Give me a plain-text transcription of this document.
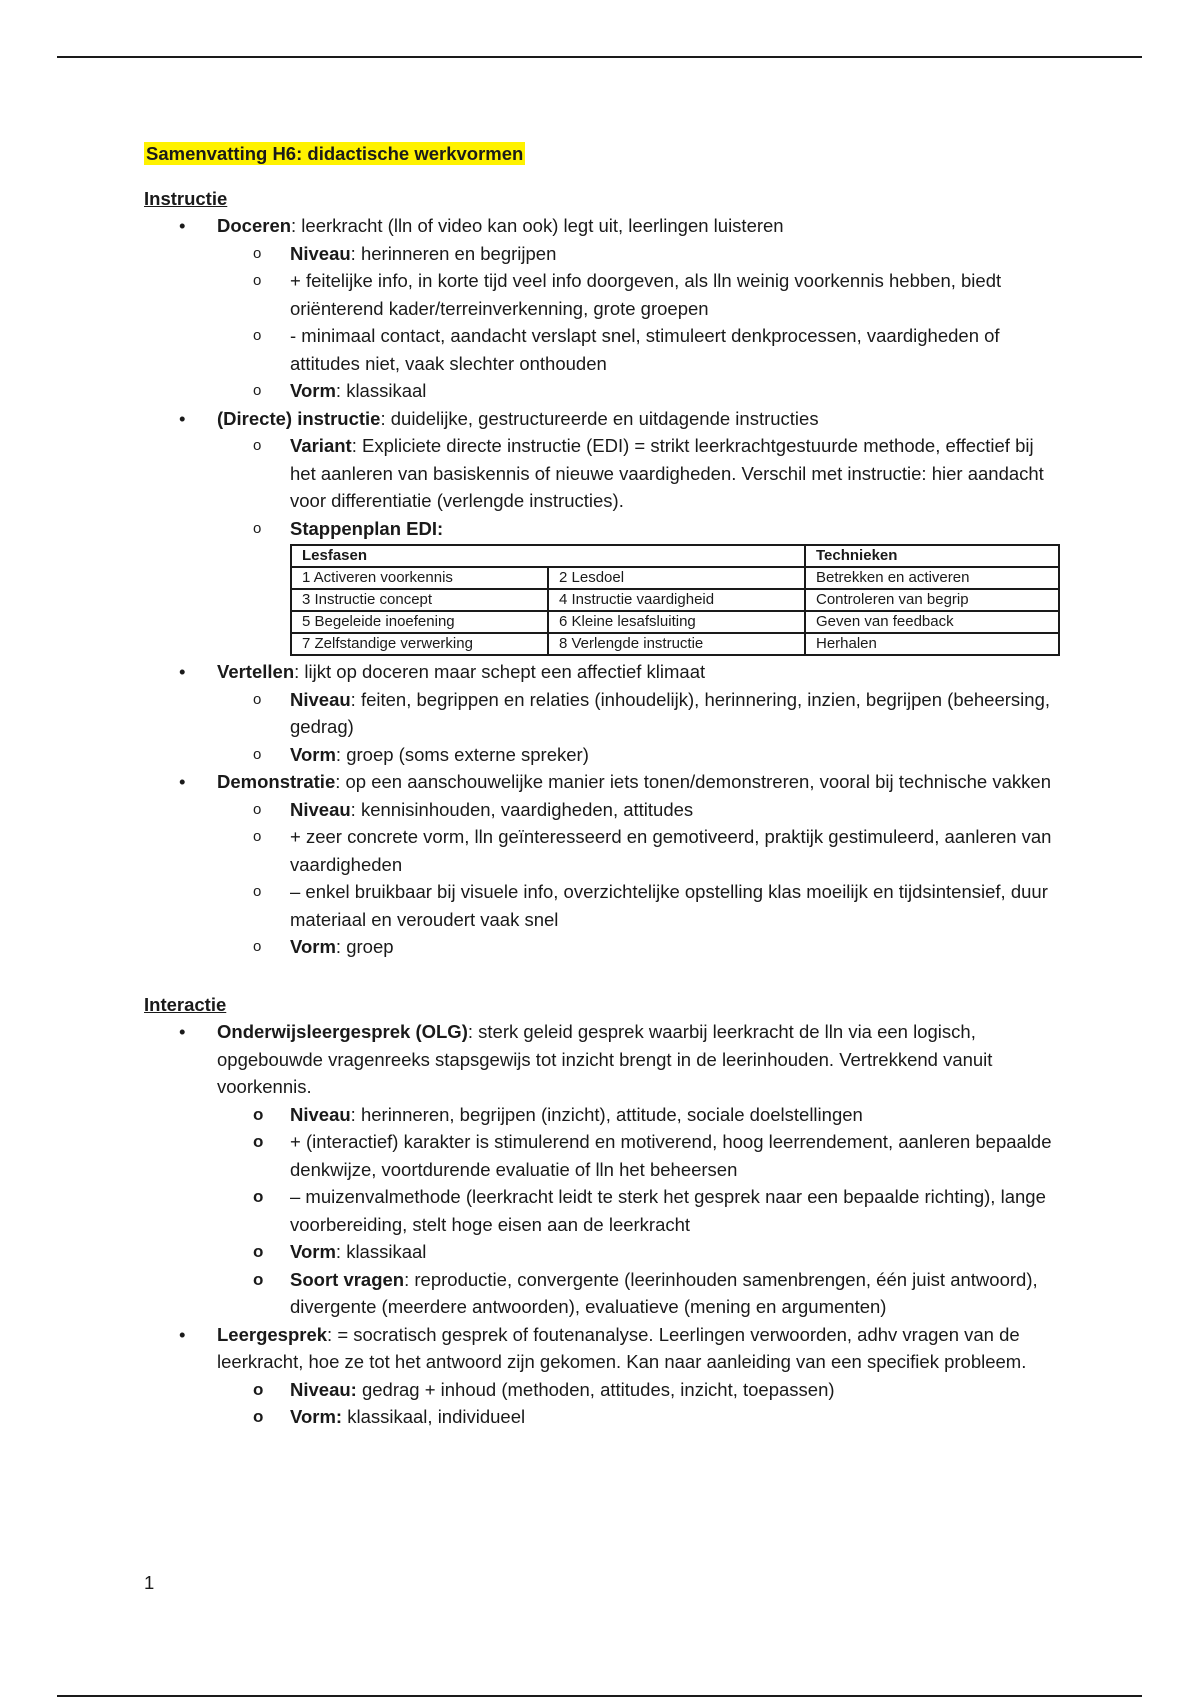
Samenvatting H6: didactische werkvormen

Instructie

• Doceren: leerkracht (lln of video kan ook) legt uit, leerlingen luisteren
o Niveau: herinneren en begrijpen
o + feitelijke info, in korte tijd veel info doorgeven, als lln weinig voorkennis hebben, biedt oriënterend kader/terreinverkenning, grote groepen
o - minimaal contact, aandacht verslapt snel, stimuleert denkprocessen, vaardigheden of attitudes niet, vaak slechter onthouden
o Vorm: klassikaal
• (Directe) instructie: duidelijke, gestructureerde en uitdagende instructies
o Variant: Expliciete directe instructie (EDI) = strikt leerkrachtgestuurde methode, effectief bij het aanleren van basiskennis of nieuwe vaardigheden. Verschil met instructie: hier aandacht voor differentiatie (verlengde instructies).
o Stappenplan EDI:
Lesfasen		Technieken
1 Activeren voorkennis	2 Lesdoel	Betrekken en activeren
3 Instructie concept	4 Instructie vaardigheid	Controleren van begrip
5 Begeleide inoefening	6 Kleine lesafsluiting	Geven van feedback
7 Zelfstandige verwerking	8 Verlengde instructie	Herhalen
• Vertellen: lijkt op doceren maar schept een affectief klimaat
o Niveau: feiten, begrippen en relaties (inhoudelijk), herinnering, inzien, begrijpen (beheersing, gedrag)
o Vorm: groep (soms externe spreker)
• Demonstratie: op een aanschouwelijke manier iets tonen/demonstreren, vooral bij technische vakken
o Niveau: kennisinhouden, vaardigheden, attitudes
o + zeer concrete vorm, lln geïnteresseerd en gemotiveerd, praktijk gestimuleerd, aanleren van vaardigheden
o – enkel bruikbaar bij visuele info, overzichtelijke opstelling klas moeilijk en tijdsintensief, duur materiaal en veroudert vaak snel
o Vorm: groep

Interactie

• Onderwijsleergesprek (OLG): sterk geleid gesprek waarbij leerkracht de lln via een logisch, opgebouwde vragenreeks stapsgewijs tot inzicht brengt in de leerinhouden. Vertrekkend vanuit voorkennis.
o Niveau: herinneren, begrijpen (inzicht), attitude, sociale doelstellingen
o + (interactief) karakter is stimulerend en motiverend, hoog leerrendement, aanleren bepaalde denkwijze, voortdurende evaluatie of lln het beheersen
o – muizenvalmethode (leerkracht leidt te sterk het gesprek naar een bepaalde richting), lange voorbereiding, stelt hoge eisen aan de leerkracht
o Vorm: klassikaal
o Soort vragen: reproductie, convergente (leerinhouden samenbrengen, één juist antwoord), divergente (meerdere antwoorden), evaluatieve (mening en argumenten)
• Leergesprek: = socratisch gesprek of foutenanalyse. Leerlingen verwoorden, adhv vragen van de leerkracht, hoe ze tot het antwoord zijn gekomen. Kan naar aanleiding van een specifiek probleem.
o Niveau: gedrag + inhoud (methoden, attitudes, inzicht, toepassen)
o Vorm: klassikaal, individueel
1
